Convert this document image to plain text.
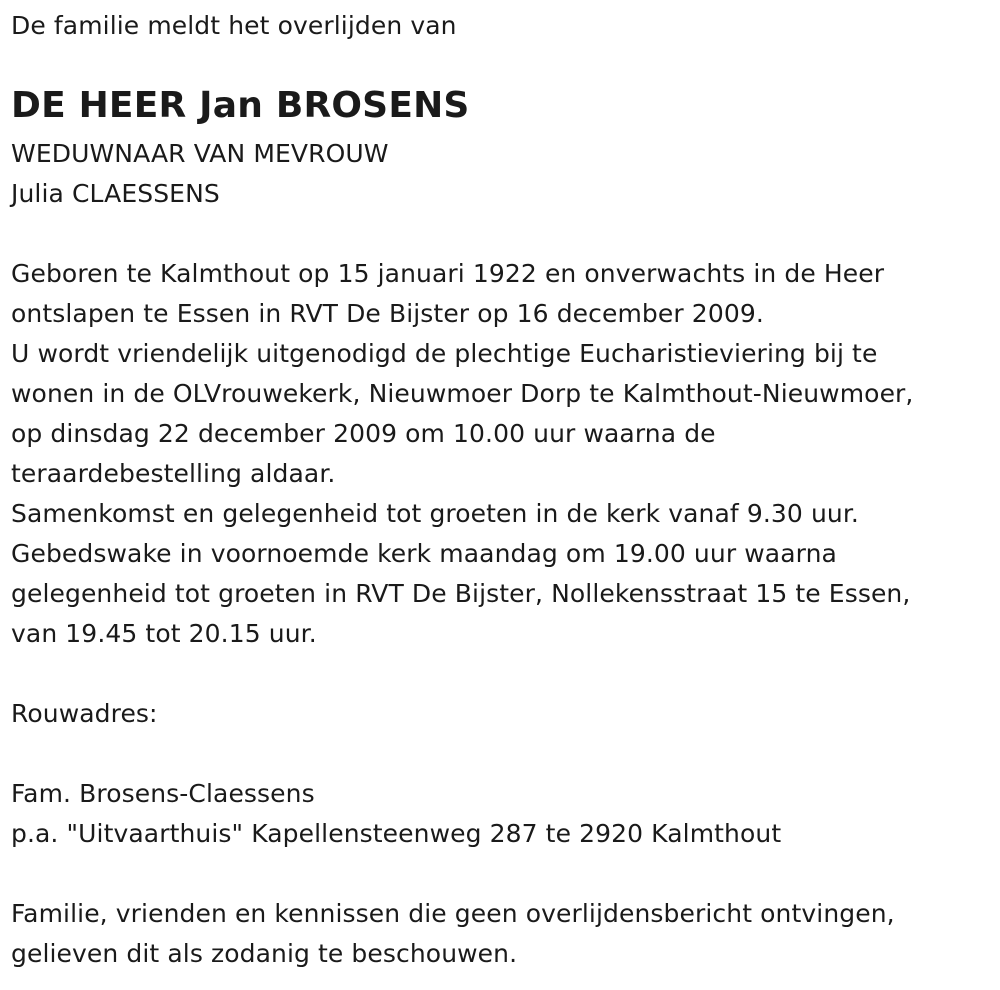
De familie meldt het overlijden van
DE HEER Jan BROSENS
WEDUWNAAR VAN MEVROUW
Julia CLAESSENS
Geboren te Kalmthout op 15 januari 1922 en onverwachts in de Heer
ontslapen te Essen in RVT De Bijster op 16 december 2009.
U wordt vriendelijk uitgenodigd de plechtige Eucharistieviering bij te
wonen in de OLVrouwekerk, Nieuwmoer Dorp te Kalmthout-Nieuwmoer,
op dinsdag 22 december 2009 om 10.00 uur waarna de
teraardebestelling aldaar.
Samenkomst en gelegenheid tot groeten in de kerk vanaf 9.30 uur.
Gebedswake in voornoemde kerk maandag om 19.00 uur waarna
gelegenheid tot groeten in RVT De Bijster, Nollekensstraat 15 te Essen,
van 19.45 tot 20.15 uur.
Rouwadres:
Fam. Brosens-Claessens
p.a. "Uitvaarthuis" Kapellensteenweg 287 te 2920 Kalmthout
Familie, vrienden en kennissen die geen overlijdensbericht ontvingen,
gelieven dit als zodanig te beschouwen.
